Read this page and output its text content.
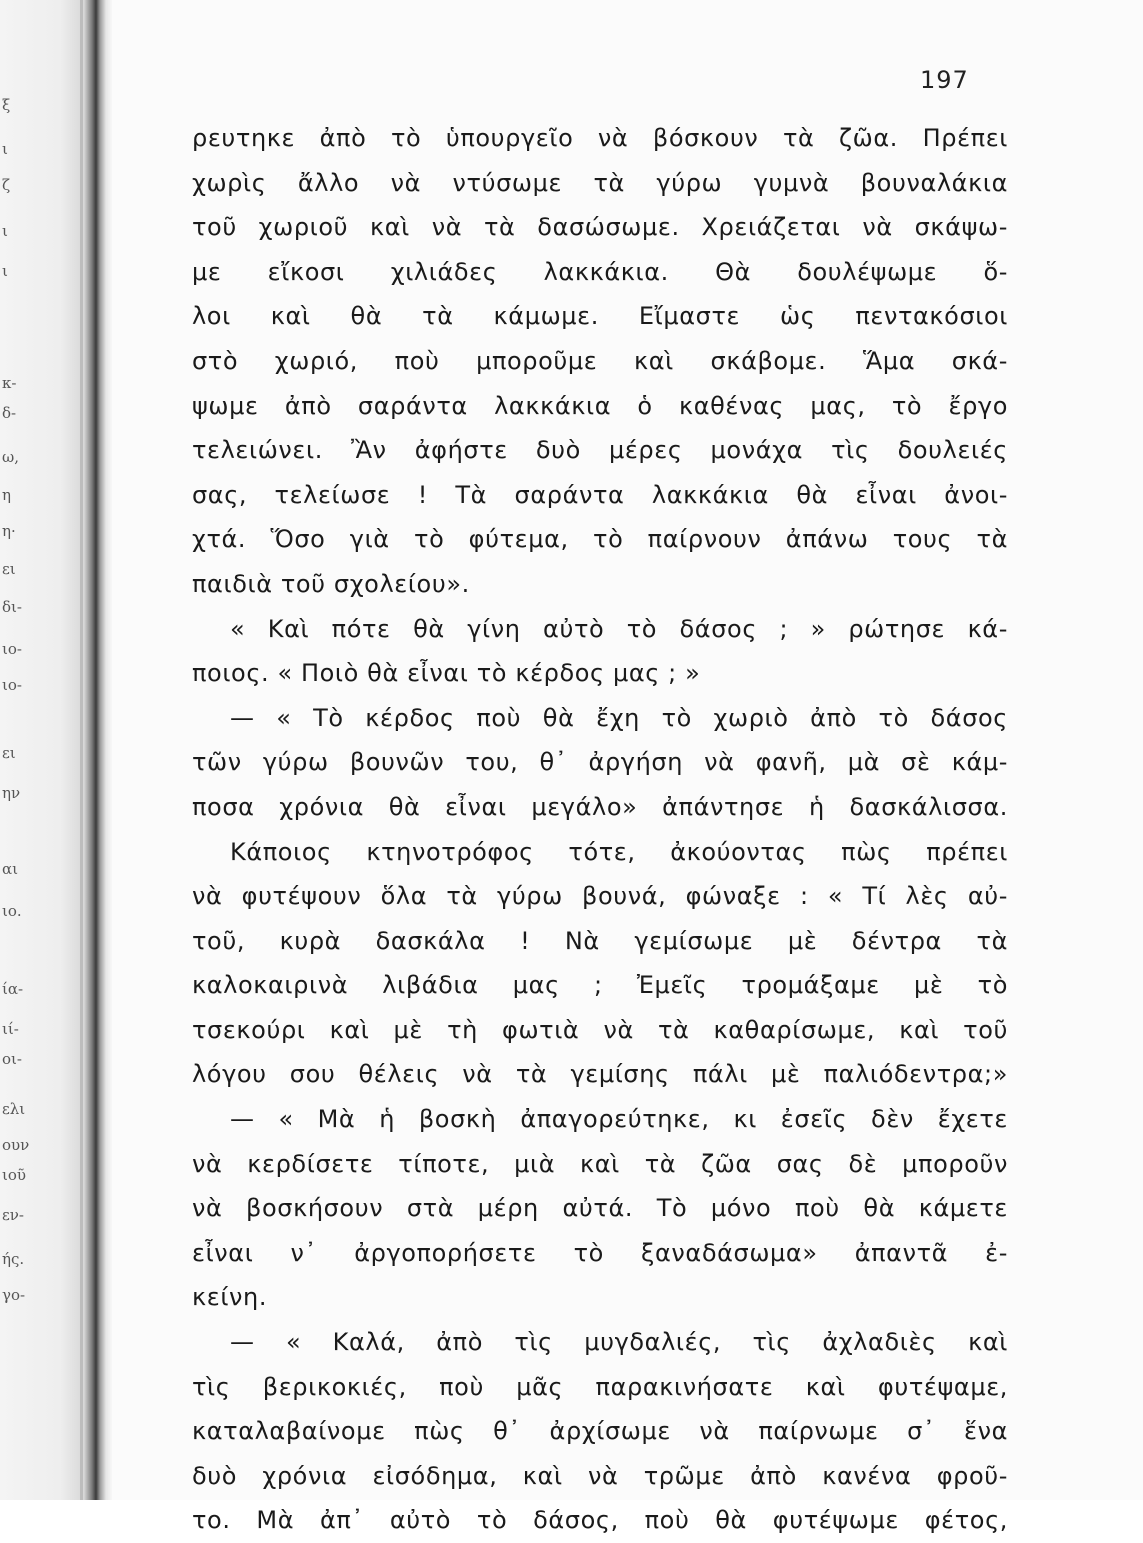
ξ
ι
ζ
ι
ι
κ-
δ-
ω,
η
η·
ει
δι-
ιο-
ιο-
ει
ην
αι
ιο.
ία-
ιί-
οι-
ελι
ουν
ιοῦ
εν-
ής.
γο-
197
ρευτηκε ἀπὸ τὸ ὑπουργεῖο νὰ βόσκουν τὰ ζῶα. Πρέπει
χωρὶς ἄλλο νὰ ντύσωμε τὰ γύρω γυμνὰ βουναλάκια
τοῦ χωριοῦ καὶ νὰ τὰ δασώσωμε. Χρειάζεται νὰ σκάψω-
με εἴκοσι χιλιάδες λακκάκια. Θὰ δουλέψωμε ὅ-
λοι καὶ θὰ τὰ κάμωμε. Εἴμαστε ὡς πεντακόσιοι
στὸ χωριό, ποὺ μποροῦμε καὶ σκάβομε. Ἅμα σκά-
ψωμε ἀπὸ σαράντα λακκάκια ὁ καθένας μας, τὸ ἔργο
τελειώνει. Ἂν ἀφήστε δυὸ μέρες μονάχα τὶς δουλειές
σας, τελείωσε ! Τὰ σαράντα λακκάκια θὰ εἶναι ἀνοι-
χτά. Ὅσο γιὰ τὸ φύτεμα, τὸ παίρνουν ἀπάνω τους τὰ
παιδιὰ τοῦ σχολείου».
« Καὶ πότε θὰ γίνη αὐτὸ τὸ δάσος ; » ρώτησε κά-
ποιος. « Ποιὸ θὰ εἶναι τὸ κέρδος μας ; »
— « Τὸ κέρδος ποὺ θὰ ἔχη τὸ χωριὸ ἀπὸ τὸ δάσος
τῶν γύρω βουνῶν του, θ᾽ ἀργήση νὰ φανῆ, μὰ σὲ κάμ-
ποσα χρόνια θὰ εἶναι μεγάλο» ἀπάντησε ἡ δασκάλισσα.
Κάποιος κτηνοτρόφος τότε, ἀκούοντας πὼς πρέπει
νὰ φυτέψουν ὅλα τὰ γύρω βουνά, φώναξε : « Τί λὲς αὐ-
τοῦ, κυρὰ δασκάλα ! Νὰ γεμίσωμε μὲ δέντρα τὰ
καλοκαιρινὰ λιβάδια μας ; Ἐμεῖς τρομάξαμε μὲ τὸ
τσεκούρι καὶ μὲ τὴ φωτιὰ νὰ τὰ καθαρίσωμε, καὶ τοῦ
λόγου σου θέλεις νὰ τὰ γεμίσης πάλι μὲ παλιόδεντρα;»
— « Μὰ ἡ βοσκὴ ἀπαγορεύτηκε, κι ἐσεῖς δὲν ἔχετε
νὰ κερδίσετε τίποτε, μιὰ καὶ τὰ ζῶα σας δὲ μποροῦν
νὰ βοσκήσουν στὰ μέρη αὐτά. Τὸ μόνο ποὺ θὰ κάμετε
εἶναι ν᾽ ἀργοπορήσετε τὸ ξαναδάσωμα» ἀπαντᾶ ἐ-
κείνη.
— « Καλά, ἀπὸ τὶς μυγδαλιές, τὶς ἀχλαδιὲς καὶ
τὶς βερικοκιές, ποὺ μᾶς παρακινήσατε καὶ φυτέψαμε,
καταλαβαίνομε πὼς θ᾽ ἀρχίσωμε νὰ παίρνωμε σ᾽ ἕνα
δυὸ χρόνια εἰσόδημα, καὶ νὰ τρῶμε ἀπὸ κανένα φροῦ-
το. Μὰ ἀπ᾽ αὐτὸ τὸ δάσος, ποὺ θὰ φυτέψωμε φέτος,
